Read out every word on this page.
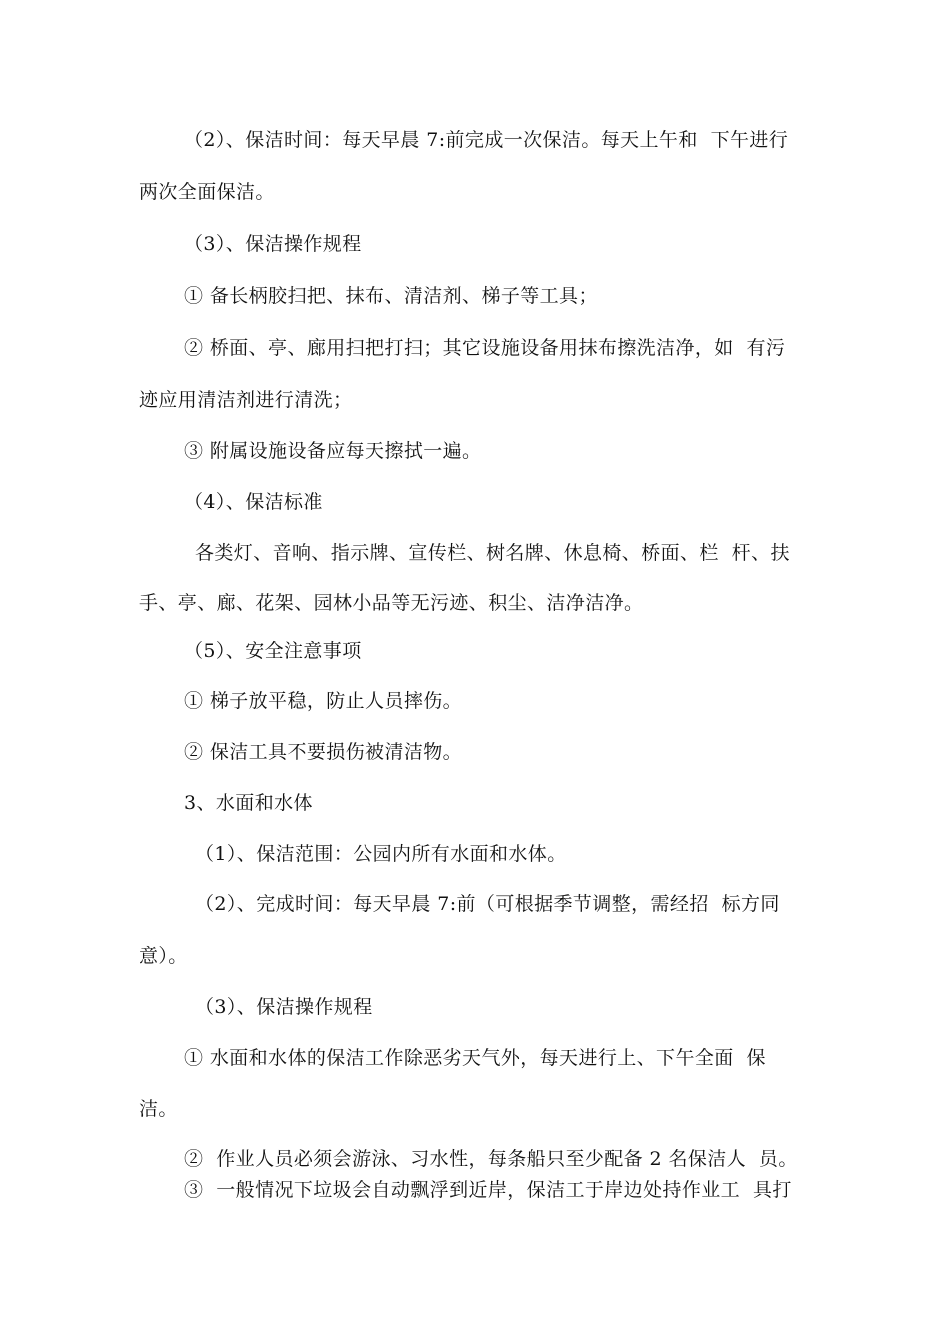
（2）、保洁时间：每天早晨 7:前完成一次保洁。每天上午和  下午进行
两次全面保洁。
（3）、保洁操作规程
① 备长柄胶扫把、抹布、清洁剂、梯子等工具；
② 桥面、亭、廊用扫把打扫；其它设施设备用抹布擦洗洁净，如  有污
迹应用清洁剂进行清洗；
③ 附属设施设备应每天擦拭一遍。
（4）、保洁标准
各类灯、音响、指示牌、宣传栏、树名牌、休息椅、桥面、栏  杆、扶
手、亭、廊、花架、园林小品等无污迹、积尘、洁净洁净。
（5）、安全注意事项
① 梯子放平稳，防止人员摔伤。
② 保洁工具不要损伤被清洁物。
3、水面和水体
（1）、保洁范围：公园内所有水面和水体。
（2）、完成时间：每天早晨 7:前（可根据季节调整，需经招  标方同
意）。
（3）、保洁操作规程
① 水面和水体的保洁工作除恶劣天气外，每天进行上、下午全面  保
洁。
②  作业人员必须会游泳、习水性，每条船只至少配备 2 名保洁人  员。
③  一般情况下垃圾会自动飘浮到近岸，保洁工于岸边处持作业工  具打
